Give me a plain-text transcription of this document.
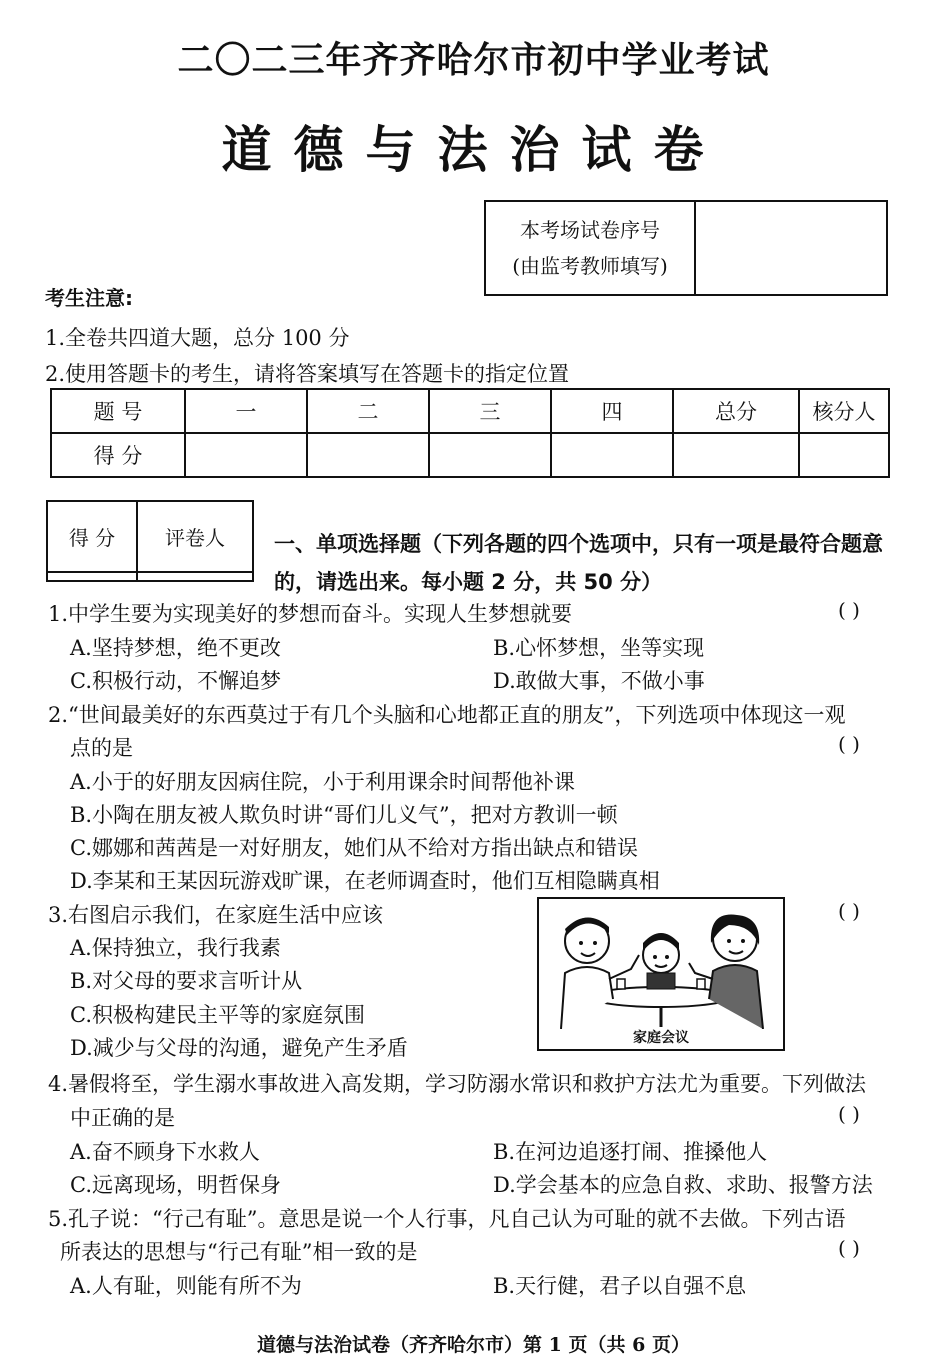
二〇二三年齐齐哈尔市初中学业考试
道德与法治试卷
本考场试卷序号
(由监考教师填写)
考生注意:
1.全卷共四道大题，总分 100 分
2.使用答题卡的考生，请将答案填写在答题卡的指定位置
题 号	一	二	三	四	总分	核分人
得 分						
得 分	评卷人
	一、单项选择题（下列各题的四个选项中，只有一项是最符合题意
的，请选出来。每小题 2 分，共 50 分）
1.中学生要为实现美好的梦想而奋斗。实现人生梦想就要	( )
A.坚持梦想，绝不更改	B.心怀梦想，坐等实现
C.积极行动，不懈追梦	D.敢做大事，不做小事
2.“世间最美好的东西莫过于有几个头脑和心地都正直的朋友”，下列选项中体现这一观
点的是	( )
A.小于的好朋友因病住院，小于利用课余时间帮他补课
B.小陶在朋友被人欺负时讲“哥们儿义气”，把对方教训一顿
C.娜娜和茜茜是一对好朋友，她们从不给对方指出缺点和错误
D.李某和王某因玩游戏旷课，在老师调查时，他们互相隐瞒真相
3.右图启示我们，在家庭生活中应该	( )
A.保持独立，我行我素
B.对父母的要求言听计从
C.积极构建民主平等的家庭氛围
D.减少与父母的沟通，避免产生矛盾	家庭会议
4.暑假将至，学生溺水事故进入高发期，学习防溺水常识和救护方法尤为重要。下列做法
中正确的是	( )
A.奋不顾身下水救人	B.在河边追逐打闹、推搡他人
C.远离现场，明哲保身	D.学会基本的应急自救、求助、报警方法
5.孔子说：“行己有耻”。意思是说一个人行事，凡自己认为可耻的就不去做。下列古语
所表达的思想与“行己有耻”相一致的是	( )
A.人有耻，则能有所不为	B.天行健，君子以自强不息
道德与法治试卷（齐齐哈尔市）第 1 页（共 6 页）
